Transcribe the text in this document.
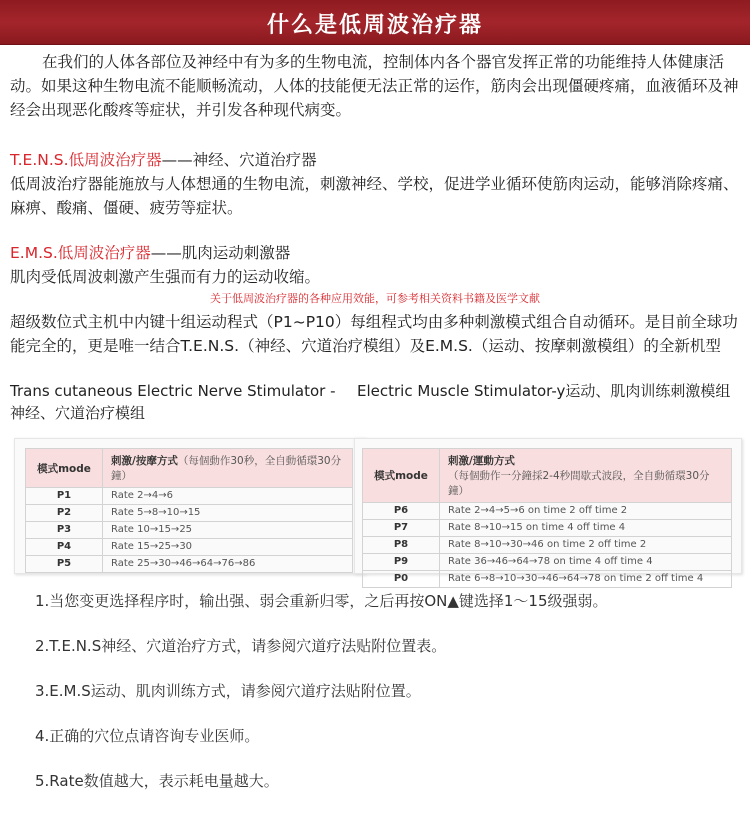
什么是低周波治疗器

在我们的人体各部位及神经中有为多的生物电流，控制体内各个器官发挥正常的功能维持人体健康活动。如果这种生物电流不能顺畅流动，人体的技能便无法正常的运作，筋肉会出现僵硬疼痛，血液循环及神经会出现恶化酸疼等症状，并引发各种现代病变。

T.E.N.S.低周波治疗器——神经、穴道治疗器

低周波治疗器能施放与人体想通的生物电流，刺激神经、学校，促进学业循环使筋肉运动，能够消除疼痛、麻痹、酸痛、僵硬、疲劳等症状。

E.M.S.低周波治疗器——肌肉运动刺激器

肌肉受低周波刺激产生强而有力的运动收缩。

关于低周波治疗器的各种应用效能，可参考相关资料书籍及医学文献

超级数位式主机中内键十组运动程式（P1~P10）每组程式均由多种刺激模式组合自动循环。是目前全球功能完全的，更是唯一结合T.E.N.S.（神经、穴道治疗模组）及E.M.S.（运动、按摩刺激模组）的全新机型

Trans cutaneous Electric Nerve Stimulator -神经、穴道治疗模组
Electric Muscle Stimulator-y运动、肌肉训练刺激模组
模式mode	刺激/按摩方式（每個動作30秒，全自動循環30分鐘）
P1	Rate 2→4→6
P2	Rate 5→8→10→15
P3	Rate 10→15→25
P4	Rate 15→25→30
P5	Rate 25→30→46→64→76→86
模式mode	刺激/運動方式
（每個動作一分鐘採2-4秒間歇式波段，全自動循環30分鐘）
P6	Rate 2→4→5→6 on time 2 off time 2
P7	Rate 8→10→15 on time 4 off time 4
P8	Rate 8→10→30→46 on time 2 off time 2
P9	Rate 36→46→64→78 on time 4 off time 4
P0	Rate 6→8→10→30→46→64→78 on time 2 off time 4
1.当您变更选择程序时，输出强、弱会重新归零，之后再按ON▲键选择1～15级强弱。
2.T.E.N.S神经、穴道治疗方式，请参阅穴道疗法贴附位置表。
3.E.M.S运动、肌肉训练方式，请参阅穴道疗法贴附位置。
4.正确的穴位点请咨询专业医师。
5.Rate数值越大，表示耗电量越大。
